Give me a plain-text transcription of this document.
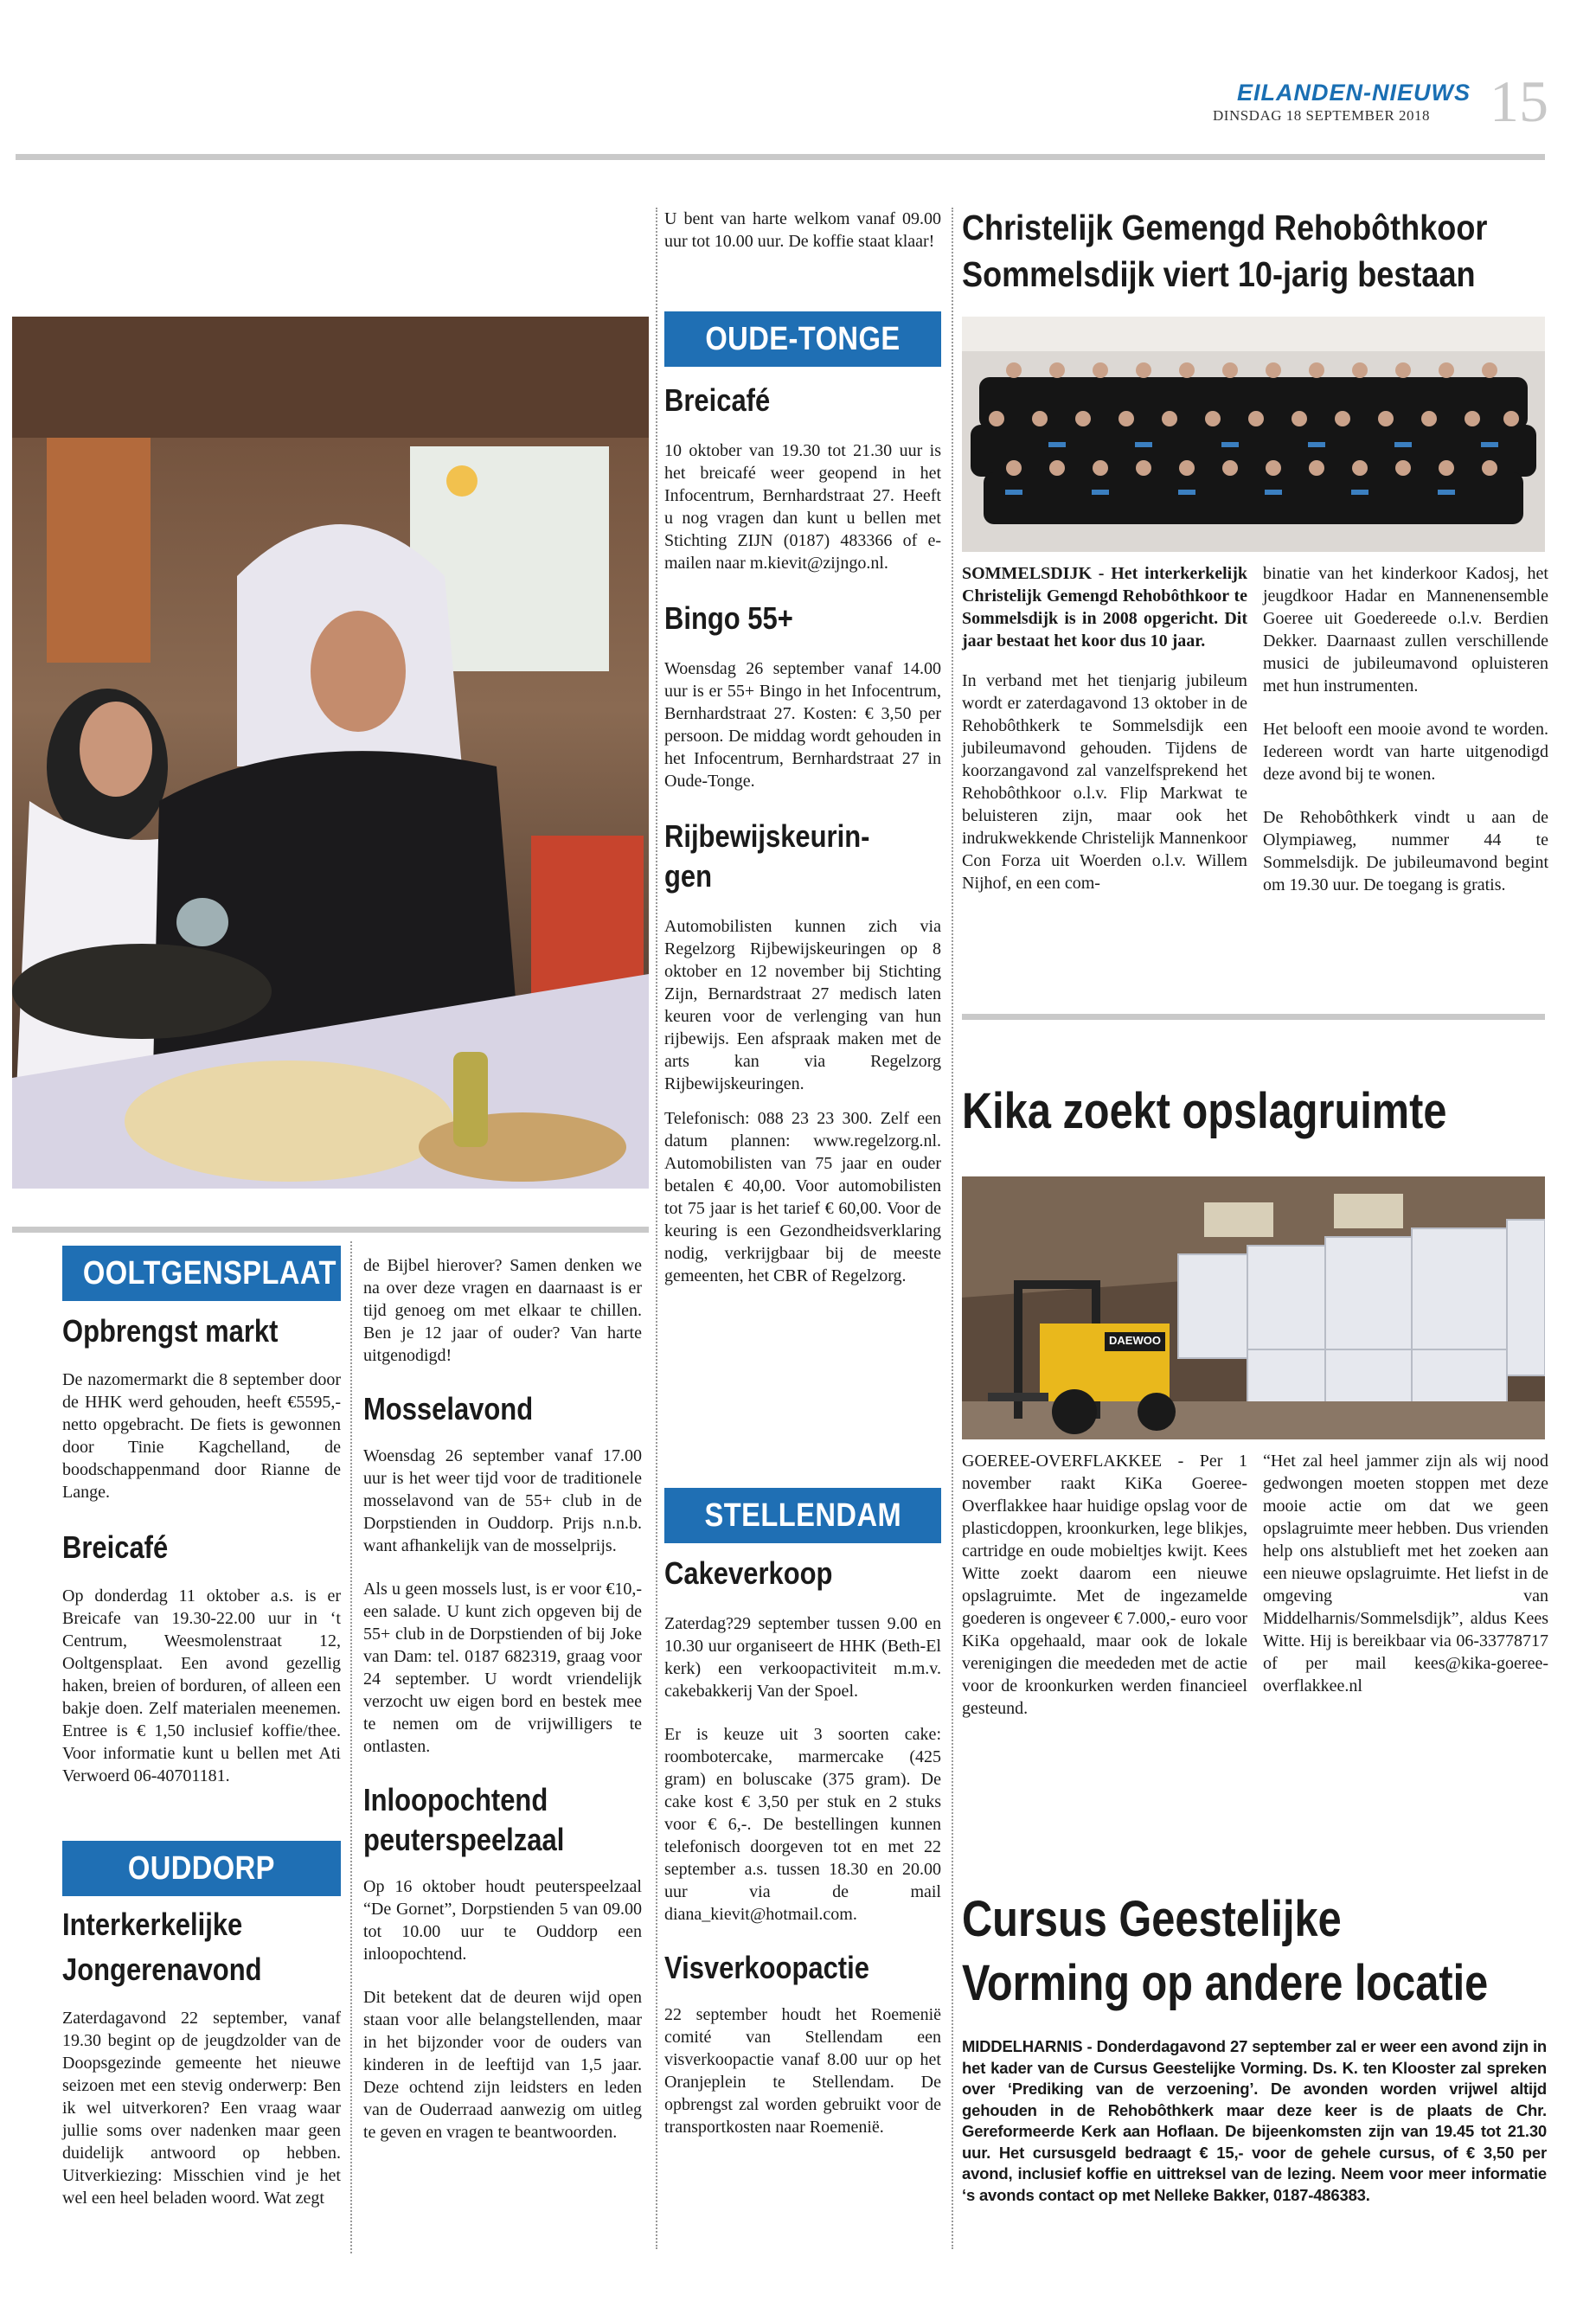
EILANDEN-NIEUWS
DINSDAG 18 SEPTEMBER 2018 15

U bent van harte welkom vanaf 09.00 uur tot 10.00 uur. De koffie staat klaar!

OUDE-TONGE

Breicafé

10 oktober van 19.30 tot 21.30 uur is het breicafé weer geopend in het Infocentrum, Bernhardstraat 27. Heeft u nog vragen dan kunt u bellen met Stichting ZIJN (0187) 483366 of e-mailen naar m.kievit@zijngo.nl.

Bingo 55+

Woensdag 26 september vanaf 14.00 uur is er 55+ Bingo in het Infocentrum, Bernhardstraat 27. Kosten: € 3,50 per persoon. De middag wordt gehouden in het Infocentrum, Bernhardstraat 27 in Oude-Tonge.

Rijbewijskeurin-

gen

Automobilisten kunnen zich via Regelzorg Rijbewijskeuringen op 8 oktober en 12 november bij Stichting Zijn, Bernardstraat 27 medisch laten keuren voor de verlenging van hun rijbewijs. Een afspraak maken met de arts kan via Regelzorg Rijbewijskeuringen.

Telefonisch: 088 23 23 300. Zelf een datum plannen: www.regelzorg.nl. Automobilisten van 75 jaar en ouder betalen € 40,00. Voor automobilisten tot 75 jaar is het tarief € 60,00. Voor de keuring is een Gezondheidsverklaring nodig, verkrijgbaar bij de meeste gemeenten, het CBR of Regelzorg.

STELLENDAM

Cakeverkoop

Zaterdag?29 september tussen 9.00 en 10.30 uur organiseert de HHK (Beth-El kerk) een verkoopactiviteit m.m.v. cakebakkerij Van der Spoel.

Er is keuze uit 3 soorten cake: roombotercake, marmercake (425 gram) en boluscake (375 gram). De cake kost € 3,50 per stuk en 2 stuks voor € 6,-. De bestellingen kunnen telefonisch doorgeven tot en met 22 september a.s. tussen 18.30 en 20.00 uur via de mail diana_kievit@hotmail.com.

Visverkoopactie

22 september houdt het Roemenië comité van Stellendam een visverkoopactie vanaf 8.00 uur op het Oranjeplein te Stellendam. De opbrengst zal worden gebruikt voor de transportkosten naar Roemenië.

OOLTGENSPLAAT

Opbrengst markt

De nazomermarkt die 8 september door de HHK werd gehouden, heeft €5595,- netto opgebracht. De fiets is gewonnen door Tinie Kagchelland, de boodschappenmand door Rianne de Lange.

Breicafé

Op donderdag 11 oktober a.s. is er Breicafe van 19.30-22.00 uur in ‘t Centrum, Weesmolenstraat 12, Ooltgensplaat. Een avond gezellig haken, breien of borduren, of alleen een bakje doen. Zelf materialen meenemen. Entree is € 1,50 inclusief koffie/thee. Voor informatie kunt u bellen met Ati Verwoerd 06-40701181.

OUDDORP

Interkerkelijke

Jongerenavond

Zaterdagavond 22 september, vanaf 19.30 begint op de jeugdzolder van de Doopsgezinde gemeente het nieuwe seizoen met een stevig onderwerp: Ben ik wel uitverkoren? Een vraag waar jullie soms over nadenken maar geen duidelijk antwoord op hebben. Uitverkiezing: Misschien vind je het wel een heel beladen woord. Wat zegt

de Bijbel hierover? Samen denken we na over deze vragen en daarnaast is er tijd genoeg om met elkaar te chillen. Ben je 12 jaar of ouder? Van harte uitgenodigd!

Mosselavond

Woensdag 26 september vanaf 17.00 uur is het weer tijd voor de traditionele mosselavond van de 55+ club in de Dorpstienden in Ouddorp. Prijs n.n.b. want afhankelijk van de mosselprijs.

Als u geen mossels lust, is er voor €10,- een salade. U kunt zich opgeven bij de 55+ club in de Dorpstienden of bij Joke van Dam: tel. 0187 682319, graag voor 24 september. U wordt vriendelijk verzocht uw eigen bord en bestek mee te nemen om de vrijwilligers te ontlasten.

Inloopochtend

peuterspeelzaal

Op 16 oktober houdt peuterspeelzaal “De Gornet”, Dorpstienden 5 van 09.00 tot 10.00 uur te Ouddorp een inloopochtend.

Dit betekent dat de deuren wijd open staan voor alle belangstellenden, maar in het bijzonder voor de ouders van kinderen in de leeftijd van 1,5 jaar. Deze ochtend zijn leidsters en leden van de Ouderraad aanwezig om uitleg te geven en vragen te beantwoorden.

Christelijk Gemengd Rehobôthkoor

Sommelsdijk viert 10-jarig bestaan

SOMMELSDIJK - Het interkerkelijk Christelijk Gemengd Rehobôthkoor te Sommelsdijk is in 2008 opgericht. Dit jaar bestaat het koor dus 10 jaar.

In verband met het tienjarig jubileum wordt er zaterdagavond 13 oktober in de Rehobôthkerk te Sommelsdijk een jubileumavond gehouden. Tijdens de koorzangavond zal vanzelfsprekend het Rehobôthkoor o.l.v. Flip Markwat te beluisteren zijn, maar ook het indrukwekkende Christelijk Mannenkoor Con Forza uit Woerden o.l.v. Willem Nijhof, en een com-

binatie van het kinderkoor Kadosj, het jeugdkoor Hadar en Mannenensemble Goeree uit Goedereede o.l.v. Berdien Dekker. Daarnaast zullen verschillende musici de jubileumavond opluisteren met hun instrumenten.

Het belooft een mooie avond te worden. Iedereen wordt van harte uitgenodigd deze avond bij te wonen.

De Rehobôthkerk vindt u aan de Olympiaweg, nummer 44 te Sommelsdijk. De jubileumavond begint om 19.30 uur. De toegang is gratis.

Kika zoekt opslagruimte

DAEWOO

GOEREE-OVERFLAKKEE - Per 1 november raakt KiKa Goeree-Overflakkee haar huidige opslag voor de plasticdoppen, kroonkurken, lege blikjes, cartridge en oude mobieltjes kwijt. Kees Witte zoekt daarom een nieuwe opslagruimte. Met de ingezamelde goederen is ongeveer € 7.000,- euro voor KiKa opgehaald, maar ook de lokale verenigingen die meededen met de actie voor de kroonkurken werden financieel gesteund.

“Het zal heel jammer zijn als wij nood gedwongen moeten stoppen met deze mooie actie om dat we geen opslagruimte meer hebben. Dus vrienden help ons alstublieft met het zoeken aan een nieuwe opslagruimte. Het liefst in de omgeving van Middelharnis/Sommelsdijk”, aldus Kees Witte. Hij is bereikbaar via 06-33778717 of per mail kees@kika-goeree-overflakkee.nl

Cursus Geestelijke

Vorming op andere locatie

MIDDELHARNIS - Donderdagavond 27 september zal er weer een avond zijn in het kader van de Cursus Geestelijke Vorming. Ds. K. ten Klooster zal spreken over ‘Prediking van de verzoening’. De avonden worden vrijwel altijd gehouden in de Rehobôthkerk maar deze keer is de plaats de Chr. Gereformeerde Kerk aan Hoflaan. De bijeenkomsten zijn van 19.45 tot 21.30 uur. Het cursusgeld bedraagt € 15,- voor de gehele cursus, of € 3,50 per avond, inclusief koffie en uittreksel van de lezing. Neem voor meer informatie ‘s avonds contact op met Nelleke Bakker, 0187-486383.
